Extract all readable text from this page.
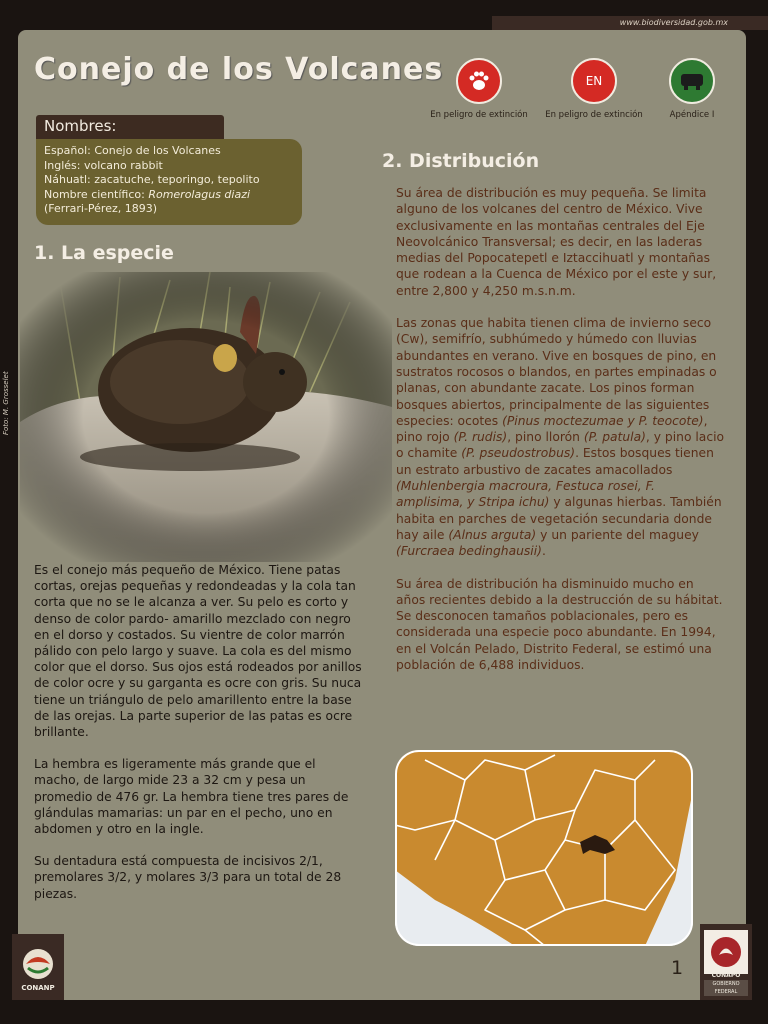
www.biodiversidad.gob.mx
Conejo de los Volcanes
En peligro de extinción
EN
En peligro de extinción	Apéndice I
Nombres:
Español: Conejo de los Volcanes
Inglés: volcano rabbit
Náhuatl: zacatuche, teporingo, tepolito
Nombre científico: Romerolagus diazi
(Ferrari-Pérez, 1893)
1. La especie
2. Distribución
Foto: M. Grosselet

Es el conejo más pequeño de México. Tiene patas cortas, orejas pequeñas y redondeadas y la cola tan corta que no se le alcanza a ver. Su pelo es corto y denso de color pardo- amarillo mezclado con negro en el dorso y costados. Su vientre de color marrón pálido con pelo largo y suave. La cola es del mismo color que el dorso. Sus ojos está rodeados por anillos de color ocre y su garganta es ocre con gris. Su nuca tiene un triángulo de pelo amarillento entre la base de las orejas. La parte superior de las patas es ocre brillante.

La hembra es ligeramente más grande que el macho, de largo mide 23 a 32 cm y pesa un promedio de 476 gr. La hembra tiene tres pares de glándulas mamarias: un par en el pecho, uno en abdomen y otro en la ingle.

Su dentadura está compuesta de incisivos 2/1, premolares 3/2, y molares 3/3 para un total de 28 piezas.

Su área de distribución es muy pequeña. Se limita alguno de los volcanes del centro de México. Vive exclusivamente en las montañas centrales del Eje Neovolcánico Transversal; es decir, en las laderas medias del Popocatepetl e Iztaccihuatl y montañas que rodean a la Cuenca de México por el este y sur, entre 2,800 y 4,250 m.s.n.m.

Las zonas que habita tienen clima de invierno seco (Cw), semifrío, subhúmedo y húmedo con lluvias abundantes en verano. Vive en bosques de pino, en sustratos rocosos o blandos, en partes empinadas o planas, con abundante zacate. Los pinos forman bosques abiertos, principalmente de las siguientes especies: ocotes (Pinus moctezumae y P. teocote), pino rojo (P. rudis), pino llorón (P. patula), y pino lacio o chamite (P. pseudostrobus). Estos bosques tienen un estrato arbustivo de zacates amacollados (Muhlenbergia macroura, Festuca rosei, F. amplisima, y Stripa ichu) y algunas hierbas. También habita en parches de vegetación secundaria donde hay aile (Alnus arguta) y un pariente del maguey (Furcraea bedinghausii).

Su área de distribución ha disminuido mucho en años recientes debido a la destrucción de su hábitat. Se desconocen tamaños poblacionales, pero es considerada una especie poco abundante. En 1994, en el Volcán Pelado, Distrito Federal, se estimó una población de 6,488 individuos.

1
CONANP
CONAPO
GOBIERNO
FEDERAL
